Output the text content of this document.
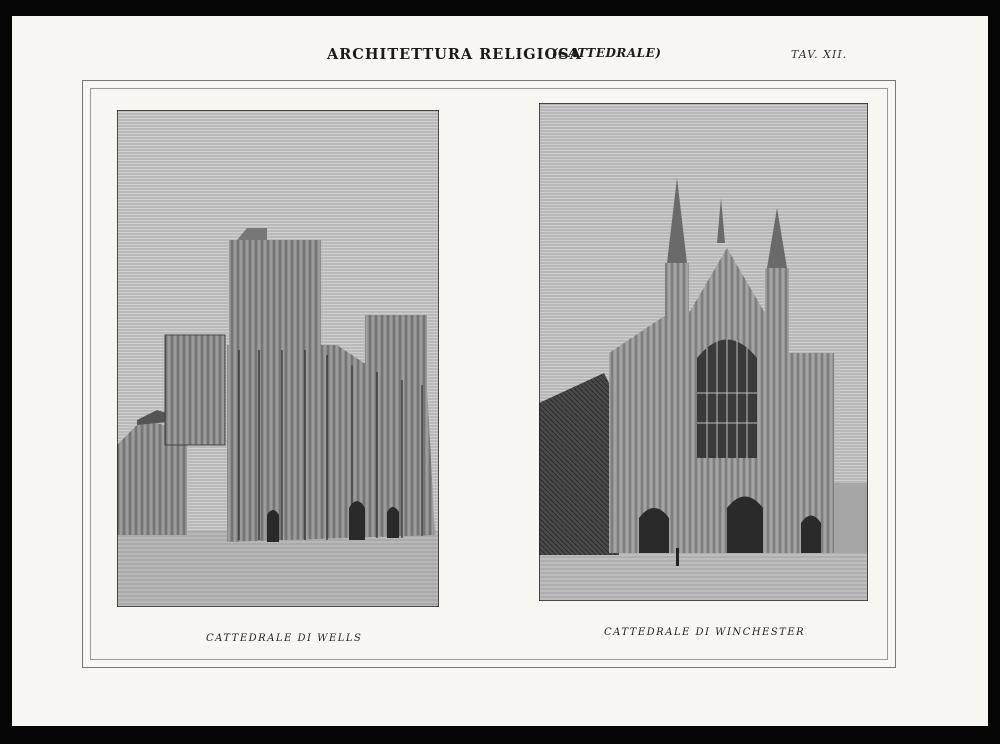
ARCHITETTURA RELIGIOSA
(CATTEDRALE)	TAV. XII.
CATTEDRALE DI WELLS
CATTEDRALE DI WINCHESTER
